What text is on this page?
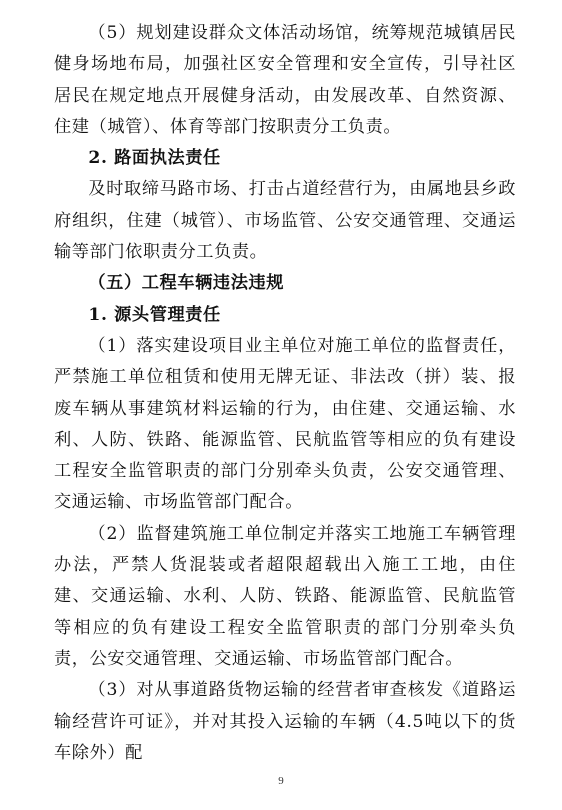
（5）规划建设群众文体活动场馆，统筹规范城镇居民健身场地布局，加强社区安全管理和安全宣传，引导社区居民在规定地点开展健身活动，由发展改革、自然资源、住建（城管）、体育等部门按职责分工负责。

2. 路面执法责任

及时取缔马路市场、打击占道经营行为，由属地县乡政府组织，住建（城管）、市场监管、公安交通管理、交通运输等部门依职责分工负责。

（五）工程车辆违法违规

1. 源头管理责任

（1）落实建设项目业主单位对施工单位的监督责任，严禁施工单位租赁和使用无牌无证、非法改（拼）装、报废车辆从事建筑材料运输的行为，由住建、交通运输、水利、人防、铁路、能源监管、民航监管等相应的负有建设工程安全监管职责的部门分别牵头负责，公安交通管理、交通运输、市场监管部门配合。

（2）监督建筑施工单位制定并落实工地施工车辆管理办法，严禁人货混装或者超限超载出入施工工地，由住建、交通运输、水利、人防、铁路、能源监管、民航监管等相应的负有建设工程安全监管职责的部门分别牵头负责，公安交通管理、交通运输、市场监管部门配合。

（3）对从事道路货物运输的经营者审查核发《道路运输经营许可证》，并对其投入运输的车辆（4.5吨以下的货车除外）配

9
